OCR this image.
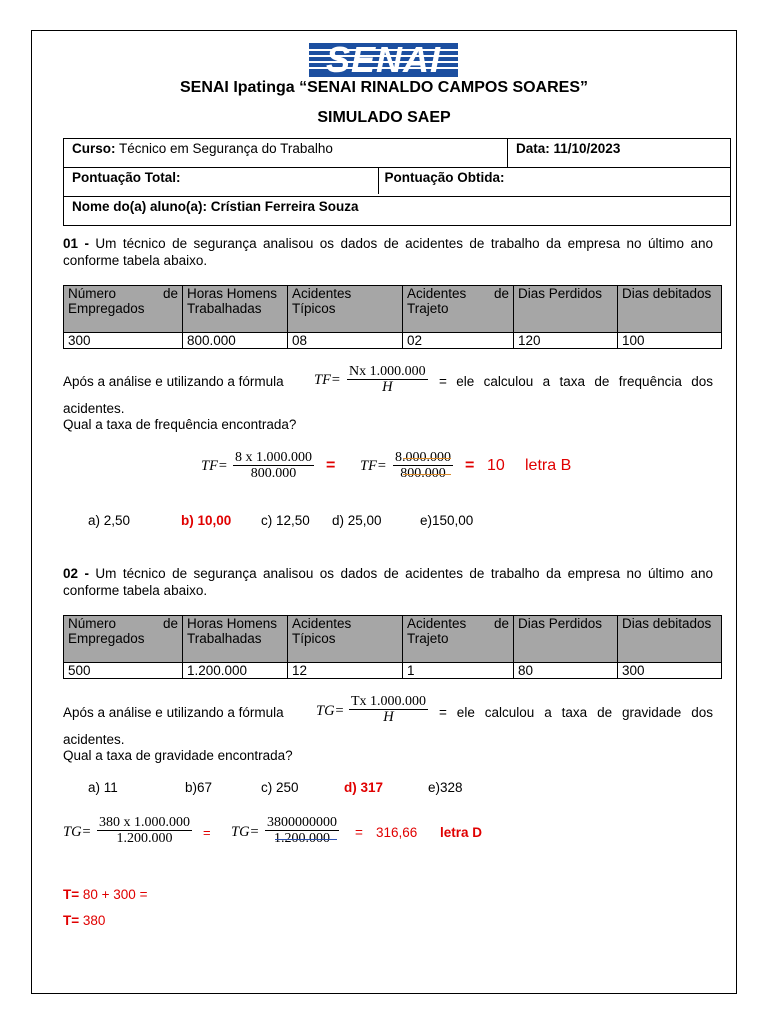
SENAI
SENAI Ipatinga “SENAI RINALDO CAMPOS SOARES”
SIMULADO SAEP
Curso: Técnico em Segurança do Trabalho	Data: 11/10/2023
Pontuação Total:	Pontuação Obtida:
Nome do(a) aluno(a): Crístian Ferreira Souza	
01 - Um técnico de segurança analisou os dados de acidentes de trabalho da empresa no último ano
conforme tabela abaixo.
Número de Empregados	Horas Homens Trabalhadas	Acidentes Típicos	Acidentes de Trajeto	Dias Perdidos	Dias debitados
300	800.000	08	02	120	100
Após a análise e utilizando a fórmula $TF= \frac{Nx 1.000.000}{H}$ = ele calculou a taxa de frequência dos
acidentes.
Qual a taxa de frequência encontrada?
$TF= \frac{8 x 1.000.000}{800.000} = TF= \frac{8.000.000}{800.000} = 10$ letra B
a) 2,50	b) 10,00 c) 12,50 d) 25,00	e)150,00
02 - Um técnico de segurança analisou os dados de acidentes de trabalho da empresa no último ano
conforme tabela abaixo.
Número de Empregados	Horas Homens Trabalhadas	Acidentes Típicos	Acidentes de Trajeto	Dias Perdidos	Dias debitados
500	1.200.000	12	1	80	300
Após a análise e utilizando a fórmula $TG= \frac{Tx 1.000.000}{H}$ = ele calculou a taxa de gravidade dos
acidentes.
Qual a taxa de gravidade encontrada?
a) 11	b)67	c) 250	d) 317	e)328
$TG= \frac{380 x 1.000.000}{1.200.000} = TG= \frac{3800000000}{1.200.000} = 316,66$ letra D
T= 80 + 300 =
T= 380
